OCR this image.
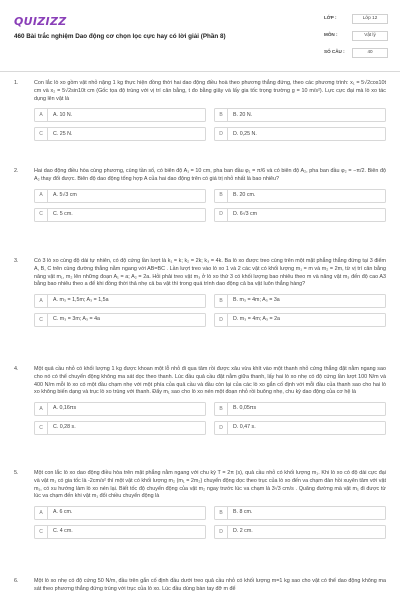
QUIZIZZ
460 Bài trắc nghiệm Dao động cơ chọn lọc cực hay có lời giải (Phần 8)
LỚP :	Lớp 12
MÔN :	Vật lý
SỐ CÂU :	40
1.	Con lắc lò xo gồm vật nhỏ nặng 1 kg thực hiện đồng thời hai dao động điều hoà theo phương thẳng đứng, theo các phương trình: x₁ = 5√2cos10t cm và x₂ = 5√2sin10t cm (Gốc tọa độ trùng với vị trí cân bằng, t đo bằng giây và lấy gia tốc trọng trường g = 10 m/s²). Lực cực đại mà lò xo tác dụng lên vật là
A	A. 10 N.	B	B. 20 N.
C	C. 25 N.	D	D. 0,25 N.
2.	Hai dao động điều hòa cùng phương, cùng tần số, có biên độ A₁ = 10 cm, pha ban đầu φ₁ = π/6 và có biên độ A₂, pha ban đầu φ₂ = −π/2. Biên độ A₂ thay đổi được. Biên độ dao động tổng hợp A của hai dao động trên có giá trị nhỏ nhất là bao nhiêu?
A	A. 5√3 cm	B	B. 20 cm.
C	C. 5 cm.	D	D. 6√3 cm
3.	Có 3 lò xo cùng độ dài tự nhiên, có độ cứng lần lượt là k₁ = k; k₂ = 2k; k₃ = 4k. Ba lò xo được treo cùng trên một mặt phẳng thẳng đứng tại 3 điểm A, B, C trên cùng đường thẳng nằm ngang với AB=BC . Lần lượt treo vào lò xo 1 và 2 các vật có khối lượng m₁ = m và m₂ = 2m, từ vị trí cân bằng nâng vật m₁, m₂ lên những đoạn A₁ = a; A₂ = 2a. Hỏi phải treo vật m₃ ở lò xo thứ 3 có khối lượng bao nhiêu theo m và nâng vật m₃ đến độ cao A3 bằng bao nhiêu theo a để khi đồng thời thả nhẹ cả ba vật thì trong quá trình dao động cả ba vật luôn thẳng hàng?
A	A. m₃ = 1,5m; A₃ = 1,5a	B	B. m₃ = 4m; A₃ = 3a
C	C. m₃ = 3m; A₃ = 4a	D	D. m₃ = 4m; A₃ = 2a
4.	Một quả cầu nhỏ có khối lượng 1 kg được khoan một lỗ nhỏ đi qua tâm rồi được xâu vừa khít vào một thanh nhỏ cứng thẳng đặt nằm ngang sao cho nó có thể chuyển động không ma sát dọc theo thanh. Lúc đầu quả cầu đặt nằm giữa thanh, lấy hai lò xo nhẹ có độ cứng lần lượt 100 N/m và 400 N/m mỗi lò xo có một đầu chạm nhẹ với một phía của quả cầu và đầu còn lại của các lò xo gắn cố định với mỗi đầu của thanh sao cho hai lò xo không biến dạng và trục lò xo trùng với thanh. Đẩy m₁ sao cho lò xo nén một đoạn nhỏ rồi buông nhẹ, chu kỳ dao động của cơ hệ là
A	A. 0,16πs	B	B. 0,05πs
C	C. 0,28 s.	D	D. 0,47 s.
5.	Một con lắc lò xo dao động điều hòa trên mặt phẳng nằm ngang với chu kỳ T = 2π (s), quả cầu nhỏ có khối lượng m₁. Khi lò xo có độ dài cực đại và vật m₁ có gia tốc là -2cm/s² thì một vật có khối lượng m₂ (m₁ = 2m₂) chuyển động dọc theo trục của lò xo đến va chạm đàn hồi xuyên tâm với vật m₁, có xu hướng làm lò xo nén lại. Biết tốc độ chuyển động của vật m₂ ngay trước lúc va chạm là 3√3 cm/s . Quãng đường mà vật m₁ đi được từ lúc va chạm đến khi vật m₁ đổi chiều chuyển động là
A	A. 6 cm.	B	B. 8 cm.
C	C. 4 cm.	D	D. 2 cm.
6.	Một lò xo nhẹ có độ cứng 50 N/m, đầu trên gắn cố định đầu dưới treo quả cầu nhỏ có khối lượng m=1 kg sao cho vật có thể dao động không ma sát theo phương thẳng đứng trùng với trục của lò xo. Lúc đầu dùng bàn tay đỡ m để
